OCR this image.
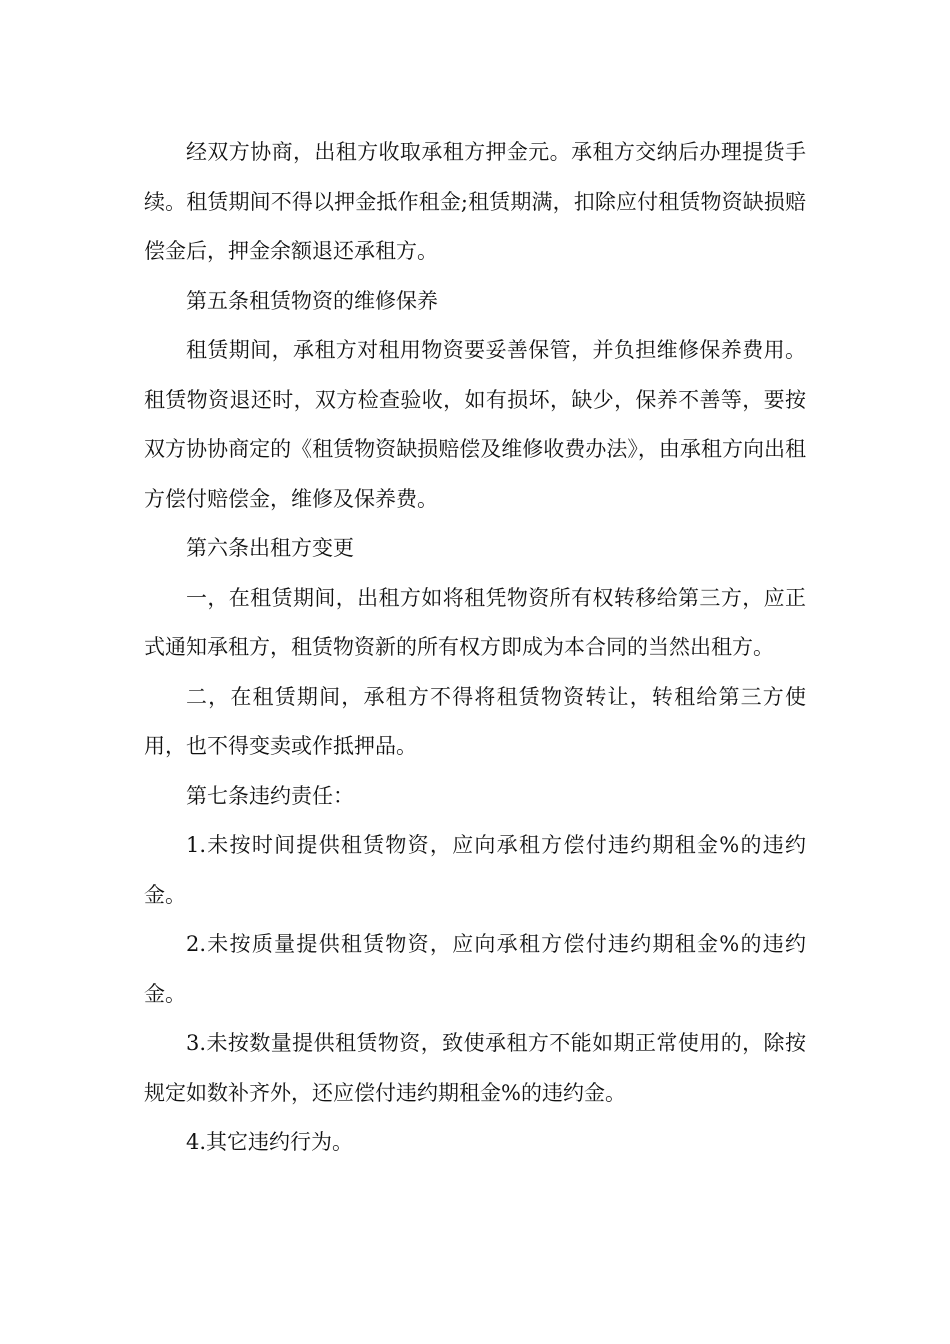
经双方协商，出租方收取承租方押金元。承租方交纳后办理提货手续。租赁期间不得以押金抵作租金;租赁期满，扣除应付租赁物资缺损赔偿金后，押金余额退还承租方。

第五条租赁物资的维修保养

租赁期间，承租方对租用物资要妥善保管，并负担维修保养费用。租赁物资退还时，双方检查验收，如有损坏，缺少，保养不善等，要按双方协协商定的《租赁物资缺损赔偿及维修收费办法》，由承租方向出租方偿付赔偿金，维修及保养费。

第六条出租方变更

一，在租赁期间，出租方如将租凭物资所有权转移给第三方，应正式通知承租方，租赁物资新的所有权方即成为本合同的当然出租方。

二，在租赁期间，承租方不得将租赁物资转让，转租给第三方使用，也不得变卖或作抵押品。

第七条违约责任：

1.未按时间提供租赁物资，应向承租方偿付违约期租金%的违约金。

2.未按质量提供租赁物资，应向承租方偿付违约期租金%的违约金。

3.未按数量提供租赁物资，致使承租方不能如期正常使用的，除按规定如数补齐外，还应偿付违约期租金%的违约金。

4.其它违约行为。
